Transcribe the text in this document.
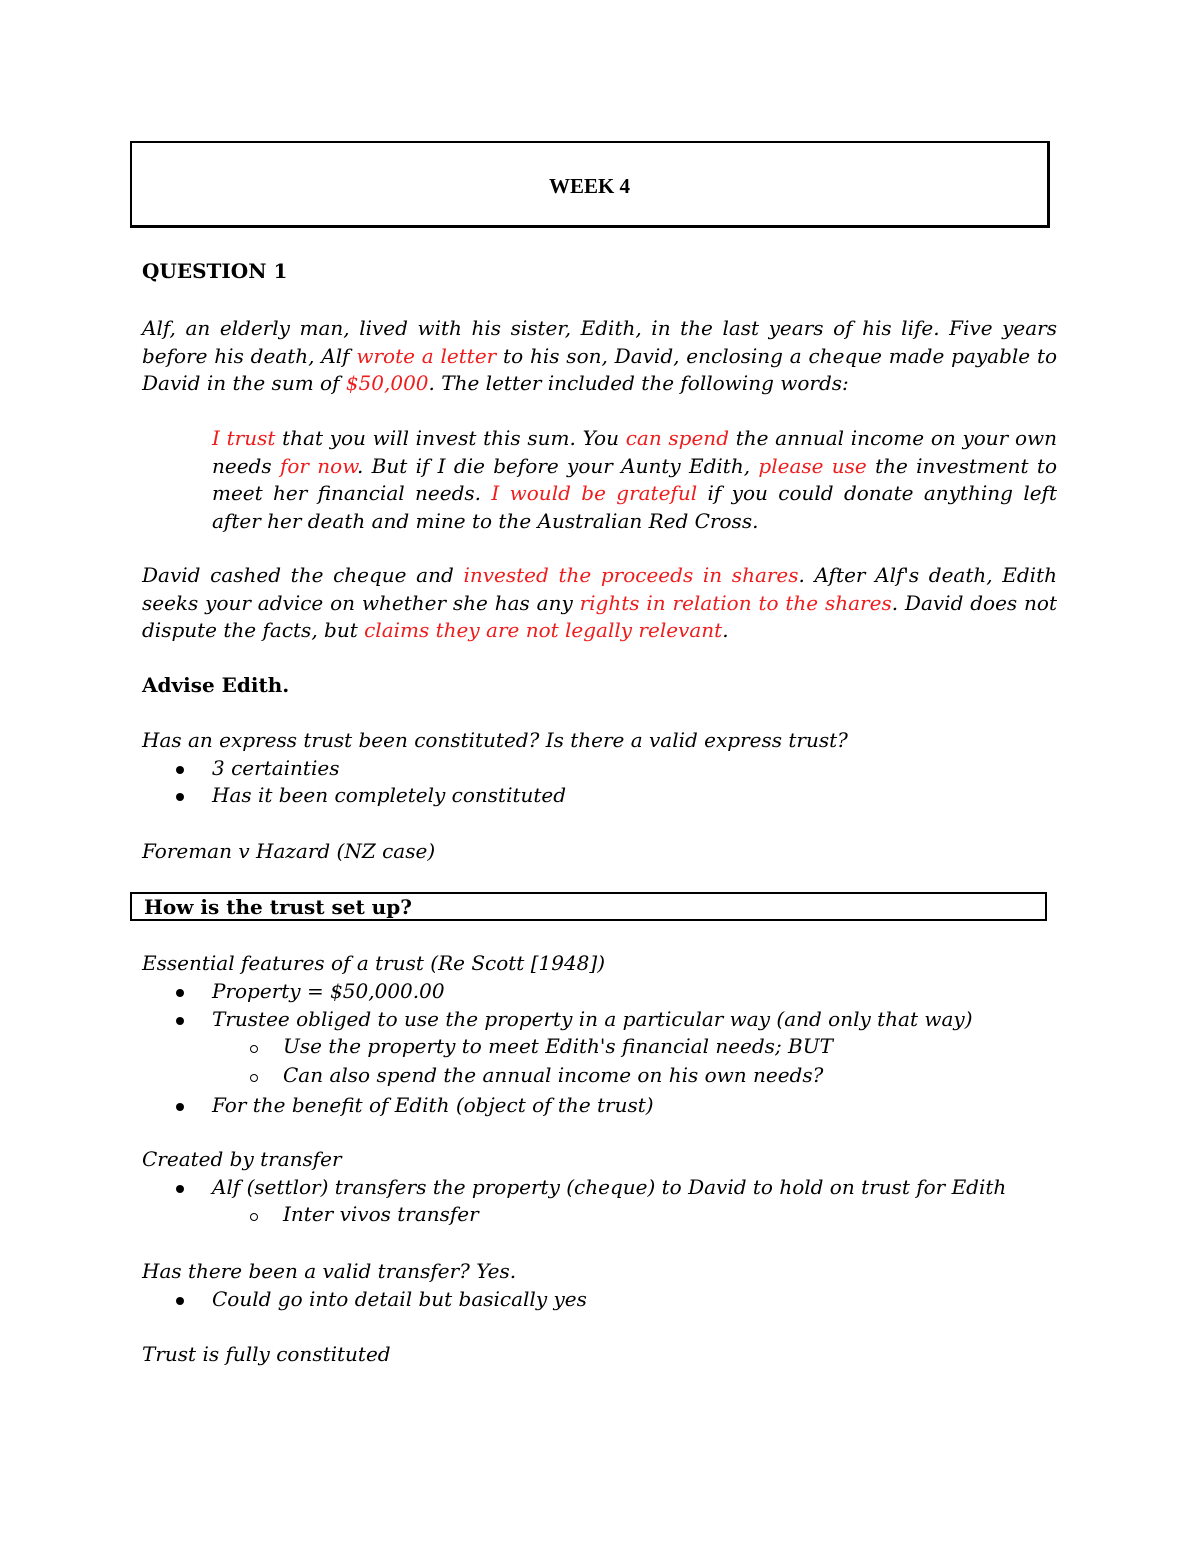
WEEK 4

QUESTION 1

Alf, an elderly man, lived with his sister, Edith, in the last years of his life. Five years before his death, Alf wrote a letter to his son, David, enclosing a cheque made payable to David in the sum of $50,000. The letter included the following words:

I trust that you will invest this sum. You can spend the annual income on your own needs for now. But if I die before your Aunty Edith, please use the investment to meet her financial needs. I would be grateful if you could donate anything left after her death and mine to the Australian Red Cross.

David cashed the cheque and invested the proceeds in shares. After Alf's death, Edith seeks your advice on whether she has any rights in relation to the shares. David does not dispute the facts, but claims they are not legally relevant.

Advise Edith.

Has an express trust been constituted? Is there a valid express trust?

3 certainties

Has it been completely constituted

Foreman v Hazard (NZ case)

How is the trust set up?

Essential features of a trust (Re Scott [1948])

Property = $50,000.00

Trustee obliged to use the property in a particular way (and only that way)

Use the property to meet Edith's financial needs; BUT

Can also spend the annual income on his own needs?

For the benefit of Edith (object of the trust)

Created by transfer

Alf (settlor) transfers the property (cheque) to David to hold on trust for Edith

Inter vivos transfer

Has there been a valid transfer? Yes.

Could go into detail but basically yes

Trust is fully constituted
